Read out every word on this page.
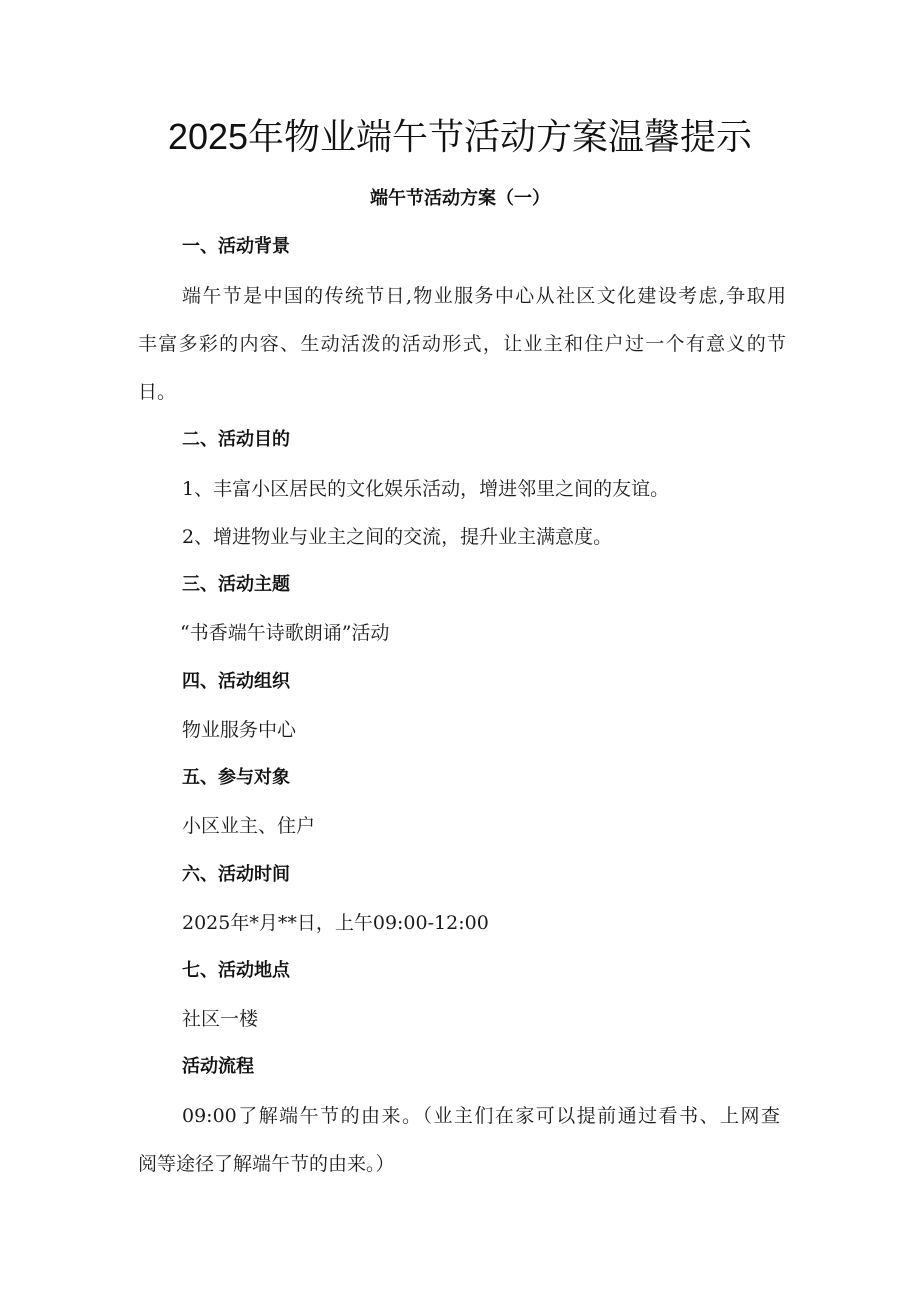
2025年物业端午节活动方案温馨提示
端午节活动方案（一）
一、活动背景
端午节是中国的传统节日,物业服务中心从社区文化建设考虑,争取用
丰富多彩的内容、生动活泼的活动形式，让业主和住户过一个有意义的节
日。
二、活动目的
1、丰富小区居民的文化娱乐活动，增进邻里之间的友谊。
2、增进物业与业主之间的交流，提升业主满意度。
三、活动主题
“书香端午诗歌朗诵”活动
四、活动组织
物业服务中心
五、参与对象
小区业主、住户
六、活动时间
2025年*月**日，上午09:00-12:00
七、活动地点
社区一楼
活动流程
09:00了解端午节的由来。（业主们在家可以提前通过看书、上网查
阅等途径了解端午节的由来。）
